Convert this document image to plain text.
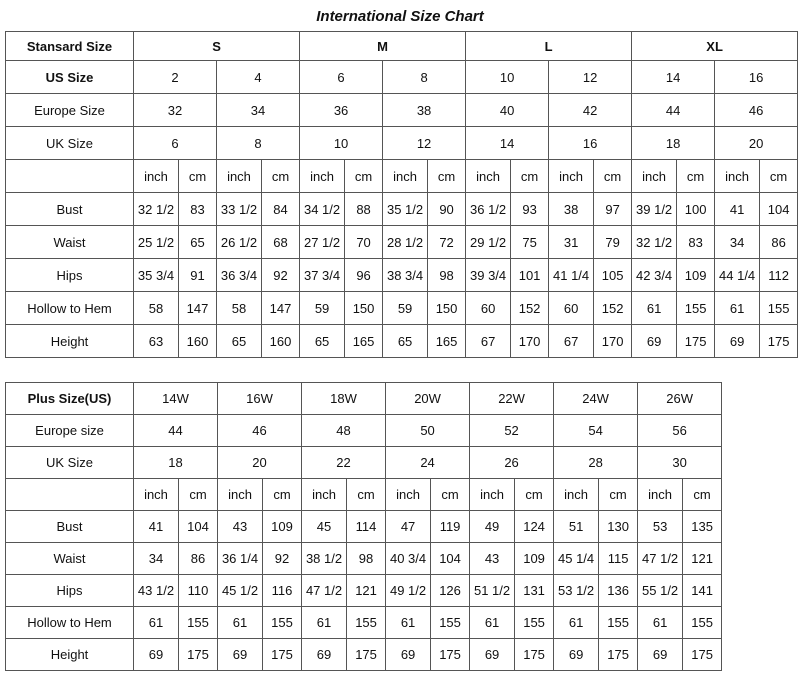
International Size Chart
Stansard Size	S				M				L				XL			
US Size	2		4		6		8		10		12		14		16	
Europe Size	32		34		36		38		40		42		44		46	
UK Size	6		8		10		12		14		16		18		20	
	inch	cm	inch	cm	inch	cm	inch	cm	inch	cm	inch	cm	inch	cm	inch	cm
Bust	32 1/2	83	33 1/2	84	34 1/2	88	35 1/2	90	36 1/2	93	38	97	39 1/2	100	41	104
Waist	25 1/2	65	26 1/2	68	27 1/2	70	28 1/2	72	29 1/2	75	31	79	32 1/2	83	34	86
Hips	35 3/4	91	36 3/4	92	37 3/4	96	38 3/4	98	39 3/4	101	41 1/4	105	42 3/4	109	44 1/4	112
Hollow to Hem	58	147	58	147	59	150	59	150	60	152	60	152	61	155	61	155
Height	63	160	65	160	65	165	65	165	67	170	67	170	69	175	69	175
Plus Size(US)	14W		16W		18W		20W		22W		24W		26W	
Europe size	44		46		48		50		52		54		56	
UK Size	18		20		22		24		26		28		30	
	inch	cm	inch	cm	inch	cm	inch	cm	inch	cm	inch	cm	inch	cm
Bust	41	104	43	109	45	114	47	119	49	124	51	130	53	135
Waist	34	86	36 1/4	92	38 1/2	98	40 3/4	104	43	109	45 1/4	115	47 1/2	121
Hips	43 1/2	110	45 1/2	116	47 1/2	121	49 1/2	126	51 1/2	131	53 1/2	136	55 1/2	141
Hollow to Hem	61	155	61	155	61	155	61	155	61	155	61	155	61	155
Height	69	175	69	175	69	175	69	175	69	175	69	175	69	175
